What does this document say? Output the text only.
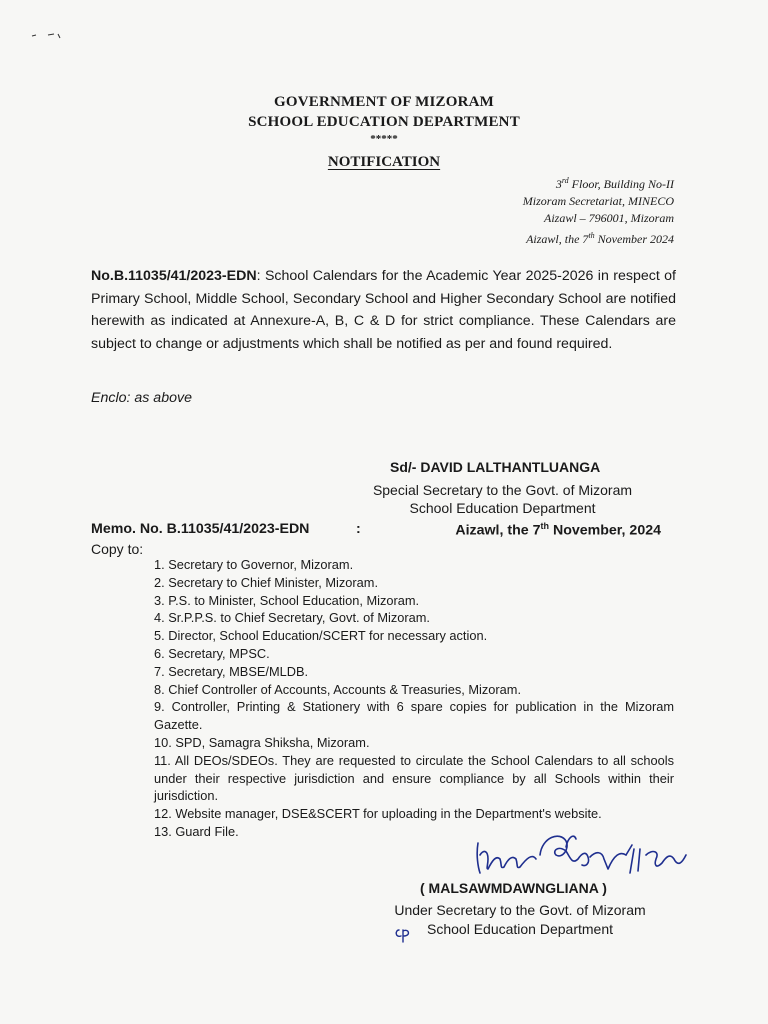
GOVERNMENT OF MIZORAM
SCHOOL EDUCATION DEPARTMENT
*****
NOTIFICATION
3rd Floor, Building No-II
Mizoram Secretariat, MINECO
Aizawl – 796001, Mizoram
Aizawl, the 7th November 2024
No.B.11035/41/2023-EDN: School Calendars for the Academic Year 2025-2026 in respect of Primary School, Middle School, Secondary School and Higher Secondary School are notified herewith as indicated at Annexure-A, B, C & D for strict compliance. These Calendars are subject to change or adjustments which shall be notified as per and found required.
Enclo: as above
Sd/- DAVID LALTHANTLUANGA
Special Secretary to the Govt. of Mizoram
School Education Department
Memo. No. B.11035/41/2023-EDN	:	Aizawl, the 7th November, 2024
Copy to:
1. Secretary to Governor, Mizoram.
2. Secretary to Chief Minister, Mizoram.
3. P.S. to Minister, School Education, Mizoram.
4. Sr.P.P.S. to Chief Secretary, Govt. of Mizoram.
5. Director, School Education/SCERT for necessary action.
6. Secretary, MPSC.
7. Secretary, MBSE/MLDB.
8. Chief Controller of Accounts, Accounts & Treasuries, Mizoram.
9. Controller, Printing & Stationery with 6 spare copies for publication in the Mizoram Gazette.
10. SPD, Samagra Shiksha, Mizoram.
11. All DEOs/SDEOs. They are requested to circulate the School Calendars to all schools under their respective jurisdiction and ensure compliance by all Schools within their jurisdiction.
12. Website manager, DSE&SCERT for uploading in the Department's website.
13. Guard File.
( MALSAWMDAWNGLIANA )
Under Secretary to the Govt. of Mizoram
School Education Department
